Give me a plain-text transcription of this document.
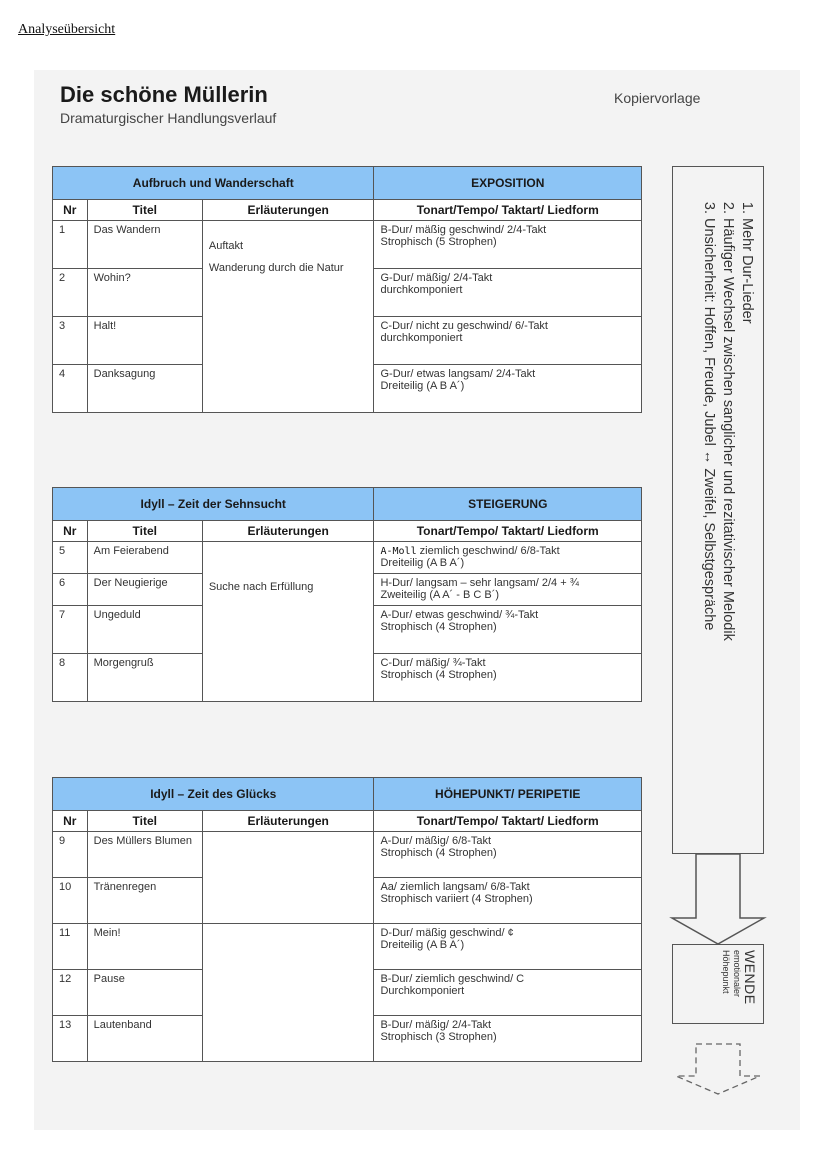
Analyseübersicht
Die schöne Müllerin
Dramaturgischer Handlungsverlauf
Kopiervorlage
Aufbruch und Wanderschaft			EXPOSITION
Nr	Titel	Erläuterungen	Tonart/Tempo/ Taktart/ Liedform
1	Das Wandern	Auftakt
Wanderung durch die Natur	B-Dur/ mäßig geschwind/ 2/4-Takt
Strophisch (5 Strophen)
2	Wohin?		G-Dur/ mäßig/ 2/4-Takt
durchkomponiert
3	Halt!		C-Dur/ nicht zu geschwind/ 6/-Takt
durchkomponiert
4	Danksagung		G-Dur/ etwas langsam/ 2/4-Takt
Dreiteilig (A B A´)
Idyll – Zeit der Sehnsucht			STEIGERUNG
Nr	Titel	Erläuterungen	Tonart/Tempo/ Taktart/ Liedform
5	Am Feierabend	Suche nach Erfüllung	A-Moll ziemlich geschwind/ 6/8-Takt
Dreiteilig (A B A´)
6	Der Neugierige		H-Dur/ langsam – sehr langsam/ 2/4 + ¾
Zweiteilig (A A´ - B C B´)
7	Ungeduld		A-Dur/ etwas geschwind/ ¾-Takt
Strophisch (4 Strophen)
8	Morgengruß		C-Dur/ mäßig/ ¾-Takt
Strophisch (4 Strophen)
Idyll – Zeit des Glücks			HÖHEPUNKT/ PERIPETIE
Nr	Titel	Erläuterungen	Tonart/Tempo/ Taktart/ Liedform
9	Des Müllers Blumen		A-Dur/ mäßig/ 6/8-Takt
Strophisch (4 Strophen)
10	Tränenregen		Aa/ ziemlich langsam/ 6/8-Takt
Strophisch variiert (4 Strophen)
11	Mein!		D-Dur/ mäßig geschwind/ ¢
Dreiteilig (A B A´)
12	Pause		B-Dur/ ziemlich geschwind/ C
Durchkomponiert
13	Lautenband		B-Dur/ mäßig/ 2/4-Takt
Strophisch (3 Strophen)
1. Mehr Dur-Lieder
2. Häufiger Wechsel zwischen sanglicher und rezitativischer Melodik
3. Unsicherheit: Hoffen, Freude, Jubel ↔ Zweifel, Selbstgespräche
WENDE
emotionaler
Höhepunkt
